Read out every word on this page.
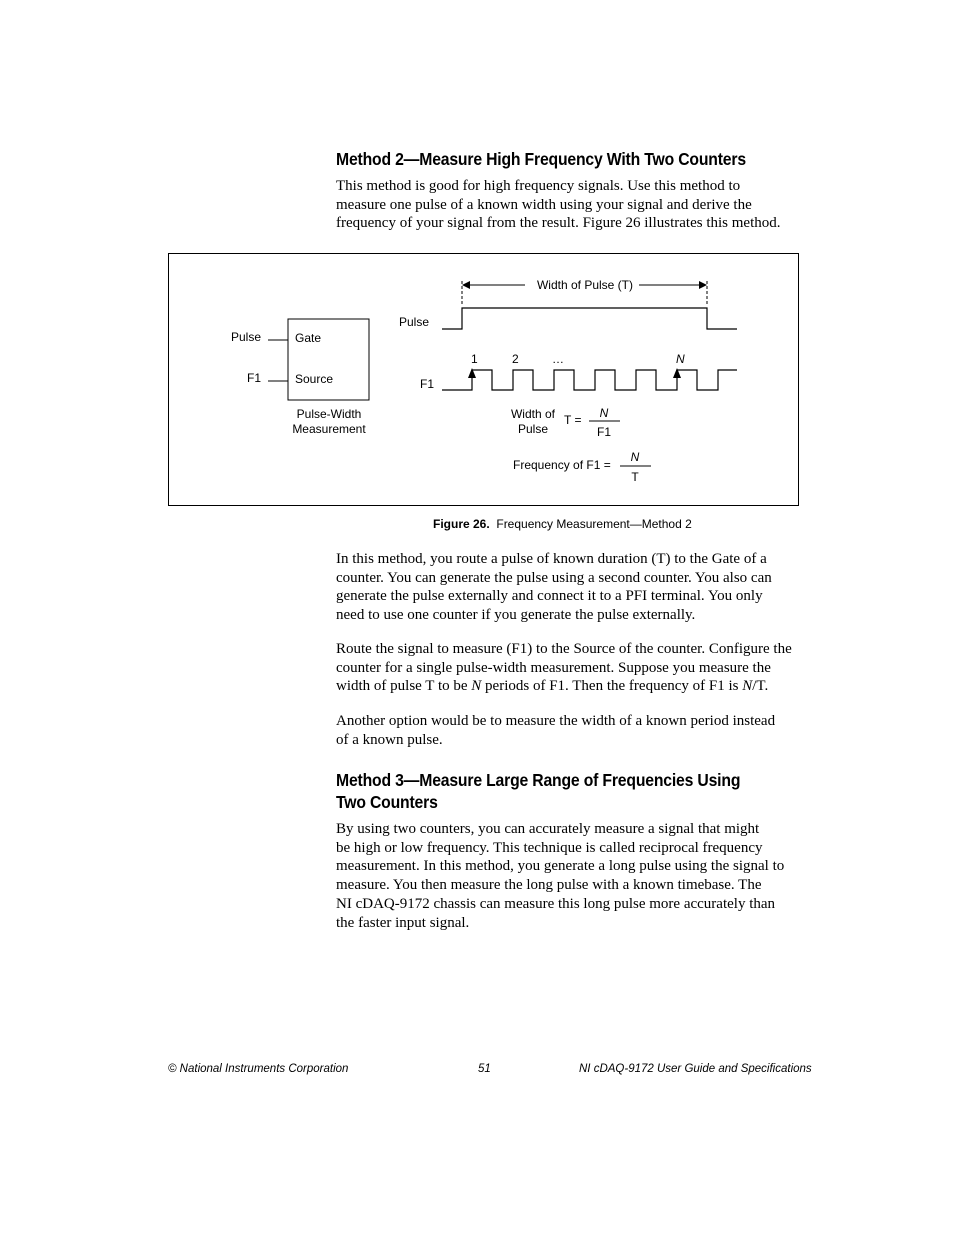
Method 2—Measure High Frequency With Two Counters
This method is good for high frequency signals. Use this method to
measure one pulse of a known width using your signal and derive the
frequency of your signal from the result. Figure 26 illustrates this method.
Pulse
F1
Gate
Source
Pulse-Width
Measurement
Width of Pulse (T)
Pulse
1	2	…	N
F1
Width of
Pulse
T = N
F1
Frequency of F1 =
N
T
Figure 26. Frequency Measurement—Method 2
In this method, you route a pulse of known duration (T) to the Gate of a
counter. You can generate the pulse using a second counter. You also can
generate the pulse externally and connect it to a PFI terminal. You only
need to use one counter if you generate the pulse externally.
Route the signal to measure (F1) to the Source of the counter. Configure the
counter for a single pulse-width measurement. Suppose you measure the
width of pulse T to be N periods of F1. Then the frequency of F1 is N/T.
Another option would be to measure the width of a known period instead
of a known pulse.
Method 3—Measure Large Range of Frequencies Using
Two Counters
By using two counters, you can accurately measure a signal that might
be high or low frequency. This technique is called reciprocal frequency
measurement. In this method, you generate a long pulse using the signal to
measure. You then measure the long pulse with a known timebase. The
NI cDAQ-9172 chassis can measure this long pulse more accurately than
the faster input signal.
© National Instruments Corporation	51	NI cDAQ-9172 User Guide and Specifications
